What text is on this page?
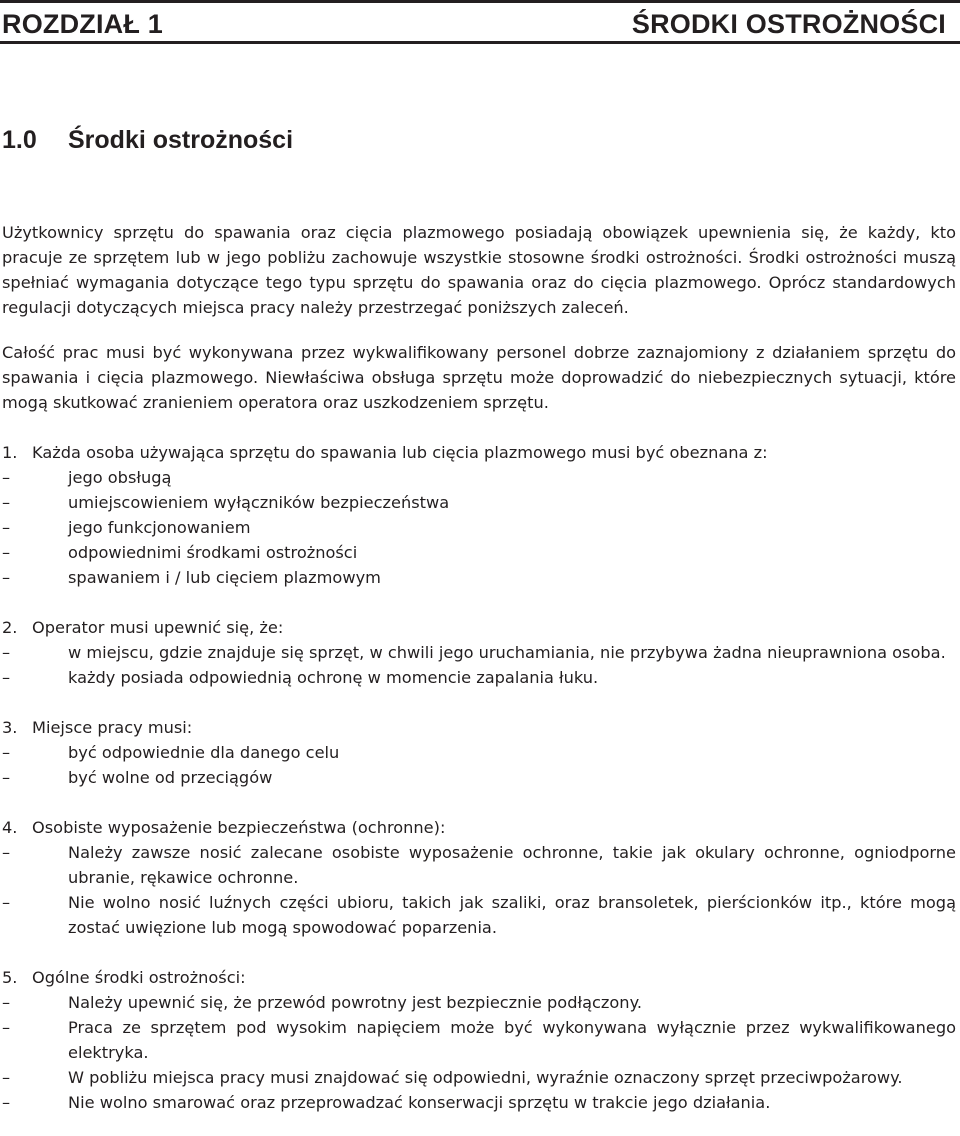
ROZDZIAŁ 1	ŚRODKI OSTROŻNOŚCI
1.0 Środki ostrożności

Użytkownicy sprzętu do spawania oraz cięcia plazmowego posiadają obowiązek upewnienia się, że każdy, kto pracuje ze sprzętem lub w jego pobliżu zachowuje wszystkie stosowne środki ostrożności. Środki ostrożności muszą spełniać wymagania dotyczące tego typu sprzętu do spawania oraz do cięcia plazmowego. Oprócz standardowych regulacji dotyczących miejsca pracy należy przestrzegać poniższych zaleceń.

Całość prac musi być wykonywana przez wykwalifikowany personel dobrze zaznajomiony z działaniem sprzętu do spawania i cięcia plazmowego. Niewłaściwa obsługa sprzętu może doprowadzić do niebezpiecznych sytuacji, które mogą skutkować zranieniem operatora oraz uszkodzeniem sprzętu.

1. Każda osoba używająca sprzętu do spawania lub cięcia plazmowego musi być obeznana z:
–
jego obsługą
–
umiejscowieniem wyłączników bezpieczeństwa
–
jego funkcjonowaniem
–
odpowiednimi środkami ostrożności
–
spawaniem i / lub cięciem plazmowym
2. Operator musi upewnić się, że:
–
w miejscu, gdzie znajduje się sprzęt, w chwili jego uruchamiania, nie przybywa żadna nieuprawniona osoba.
–
każdy posiada odpowiednią ochronę w momencie zapalania łuku.
3. Miejsce pracy musi:
–
być odpowiednie dla danego celu
–
być wolne od przeciągów
4. Osobiste wyposażenie bezpieczeństwa (ochronne):
–
Należy zawsze nosić zalecane osobiste wyposażenie ochronne, takie jak okulary ochronne, ogniodporne ubranie, rękawice ochronne.
–
Nie wolno nosić luźnych części ubioru, takich jak szaliki, oraz bransoletek, pierścionków itp., które mogą zostać uwięzione lub mogą spowodować poparzenia.
5. Ogólne środki ostrożności:
–
Należy upewnić się, że przewód powrotny jest bezpiecznie podłączony.
–
Praca ze sprzętem pod wysokim napięciem może być wykonywana wyłącznie przez wykwalifikowanego elektryka.
–
W pobliżu miejsca pracy musi znajdować się odpowiedni, wyraźnie oznaczony sprzęt przeciwpożarowy.
–
Nie wolno smarować oraz przeprowadzać konserwacji sprzętu w trakcie jego działania.
